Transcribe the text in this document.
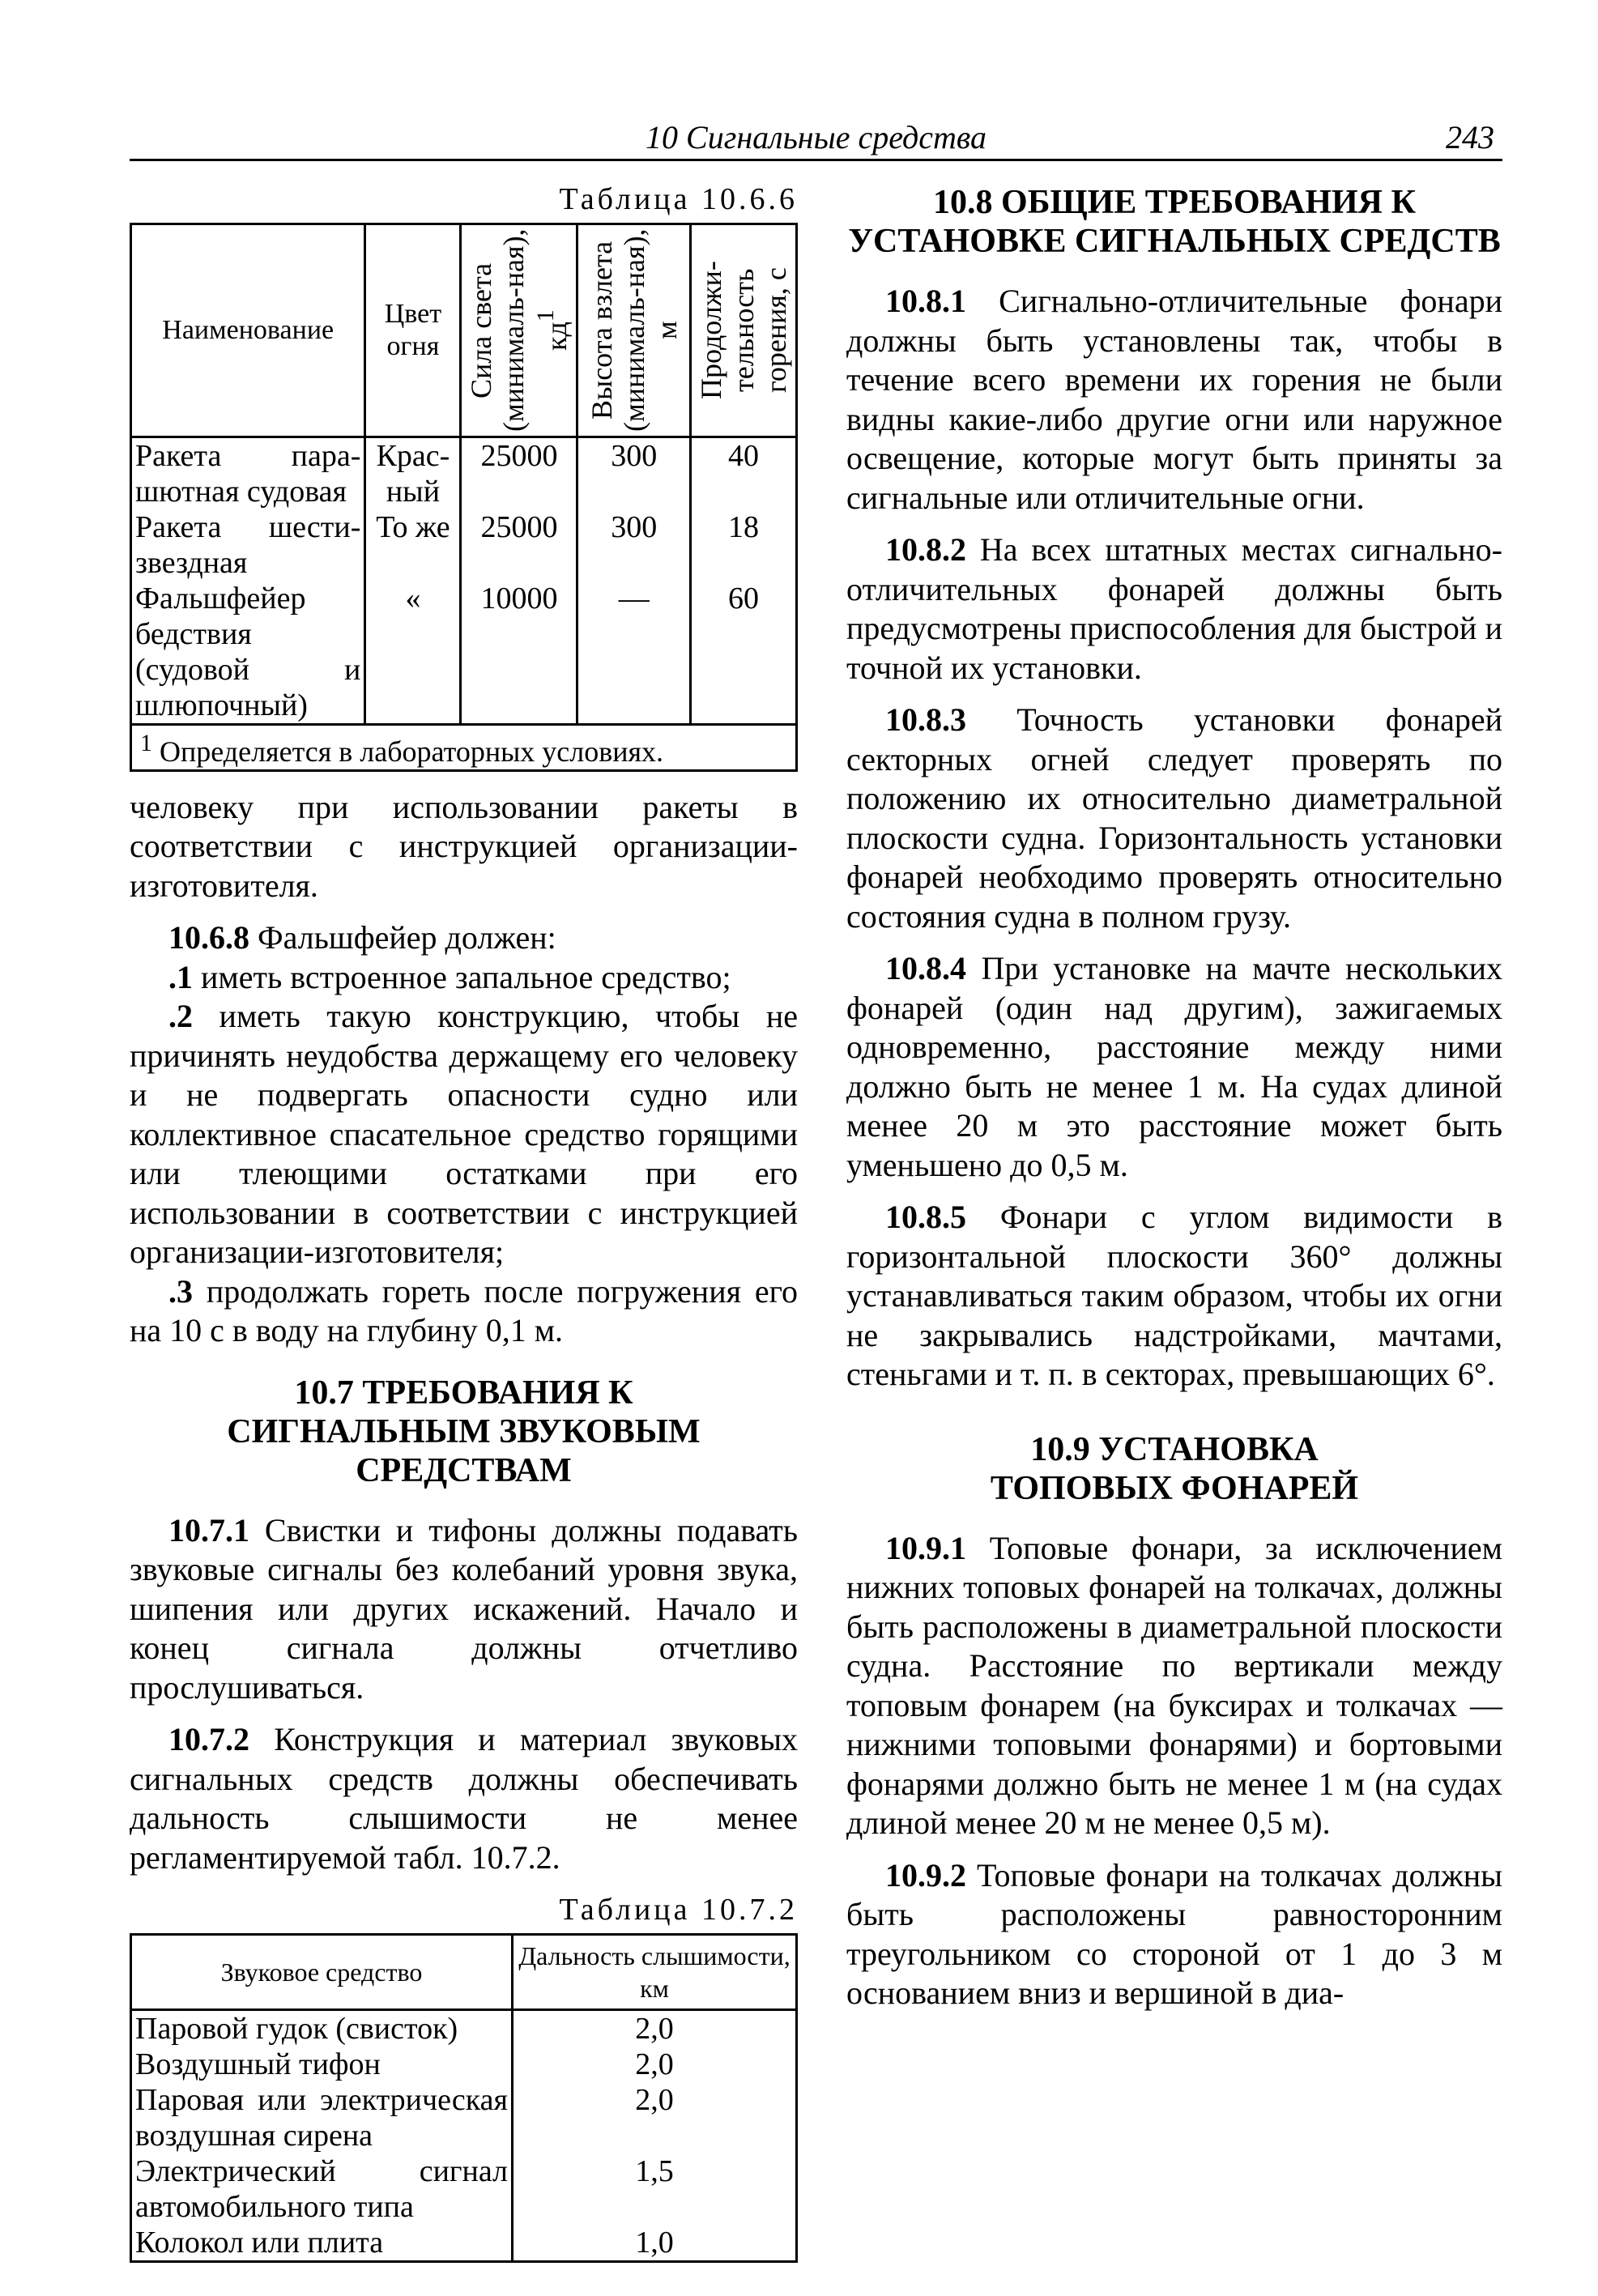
10 Сигнальные средства	243
Таблица 10.6.6
Наименование	Цвет огня	Сила света (минималь-ная), $кд^1$	Высота взлета (минималь-ная), м	Продолжи-тельность горения, с

Ракета пара-шютная судовая	Крас-ный	25000	300	40
Ракета шести-звездная	То же	25000	300	18
Фальшфейер бедствия (судовой и шлюпочный)	«	10000	—	60
$^1$ Определяется в лабораторных условиях.				

человеку при использовании ракеты в соответствии с инструкцией организации-изготовителя.

10.6.8 Фальшфейер должен:

.1 иметь встроенное запальное средство;

.2 иметь такую конструкцию, чтобы не причинять неудобства держащему его человеку и не подвергать опасности судно или коллективное спасательное средство горящими или тлеющими остатками при его использовании в соответствии с инструкцией организации-изготовителя;

.3 продолжать гореть после погружения его на 10 с в воду на глубину 0,1 м.

10.7 ТРЕБОВАНИЯ К СИГНАЛЬНЫМ ЗВУКОВЫМ СРЕДСТВАМ

10.7.1 Свистки и тифоны должны подавать звуковые сигналы без колебаний уровня звука, шипения или других искажений. Начало и конец сигнала должны отчетливо прослушиваться.

10.7.2 Конструкция и материал звуковых сигнальных средств должны обеспечивать дальность слышимости не менее регламентируемой табл. 10.7.2.

Таблица 10.7.2
Звуковое средство	Дальность слышимости, км
Паровой гудок (свисток)	2,0
Воздушный тифон	2,0
Паровая или электрическая воздушная сирена	2,0
Электрический сигнал автомобильного типа	1,5
Колокол или плита	1,0
10.8 ОБЩИЕ ТРЕБОВАНИЯ К УСТАНОВКЕ СИГНАЛЬНЫХ СРЕДСТВ

10.8.1 Сигнально-отличительные фонари должны быть установлены так, чтобы в течение всего времени их горения не были видны какие-либо другие огни или наружное освещение, которые могут быть приняты за сигнальные или отличительные огни.

10.8.2 На всех штатных местах сигнально-отличительных фонарей должны быть предусмотрены приспособления для быстрой и точной их установки.

10.8.3 Точность установки фонарей секторных огней следует проверять по положению их относительно диаметральной плоскости судна. Горизонтальность установки фонарей необходимо проверять относительно состояния судна в полном грузу.

10.8.4 При установке на мачте нескольких фонарей (один над другим), зажигаемых одновременно, расстояние между ними должно быть не менее 1 м. На судах длиной менее 20 м это расстояние может быть уменьшено до 0,5 м.

10.8.5 Фонари с углом видимости в горизонтальной плоскости 360° должны устанавливаться таким образом, чтобы их огни не закрывались надстройками, мачтами, стеньгами и т. п. в секторах, превышающих 6°.

10.9 УСТАНОВКА ТОПОВЫХ ФОНАРЕЙ

10.9.1 Топовые фонари, за исключением нижних топовых фонарей на толкачах, должны быть расположены в диаметральной плоскости судна. Расстояние по вертикали между топовым фонарем (на буксирах и толкачах — нижними топовыми фонарями) и бортовыми фонарями должно быть не менее 1 м (на судах длиной менее 20 м не менее 0,5 м).

10.9.2 Топовые фонари на толкачах должны быть расположены равносторонним треугольником со стороной от 1 до 3 м основанием вниз и вершиной в диа-
